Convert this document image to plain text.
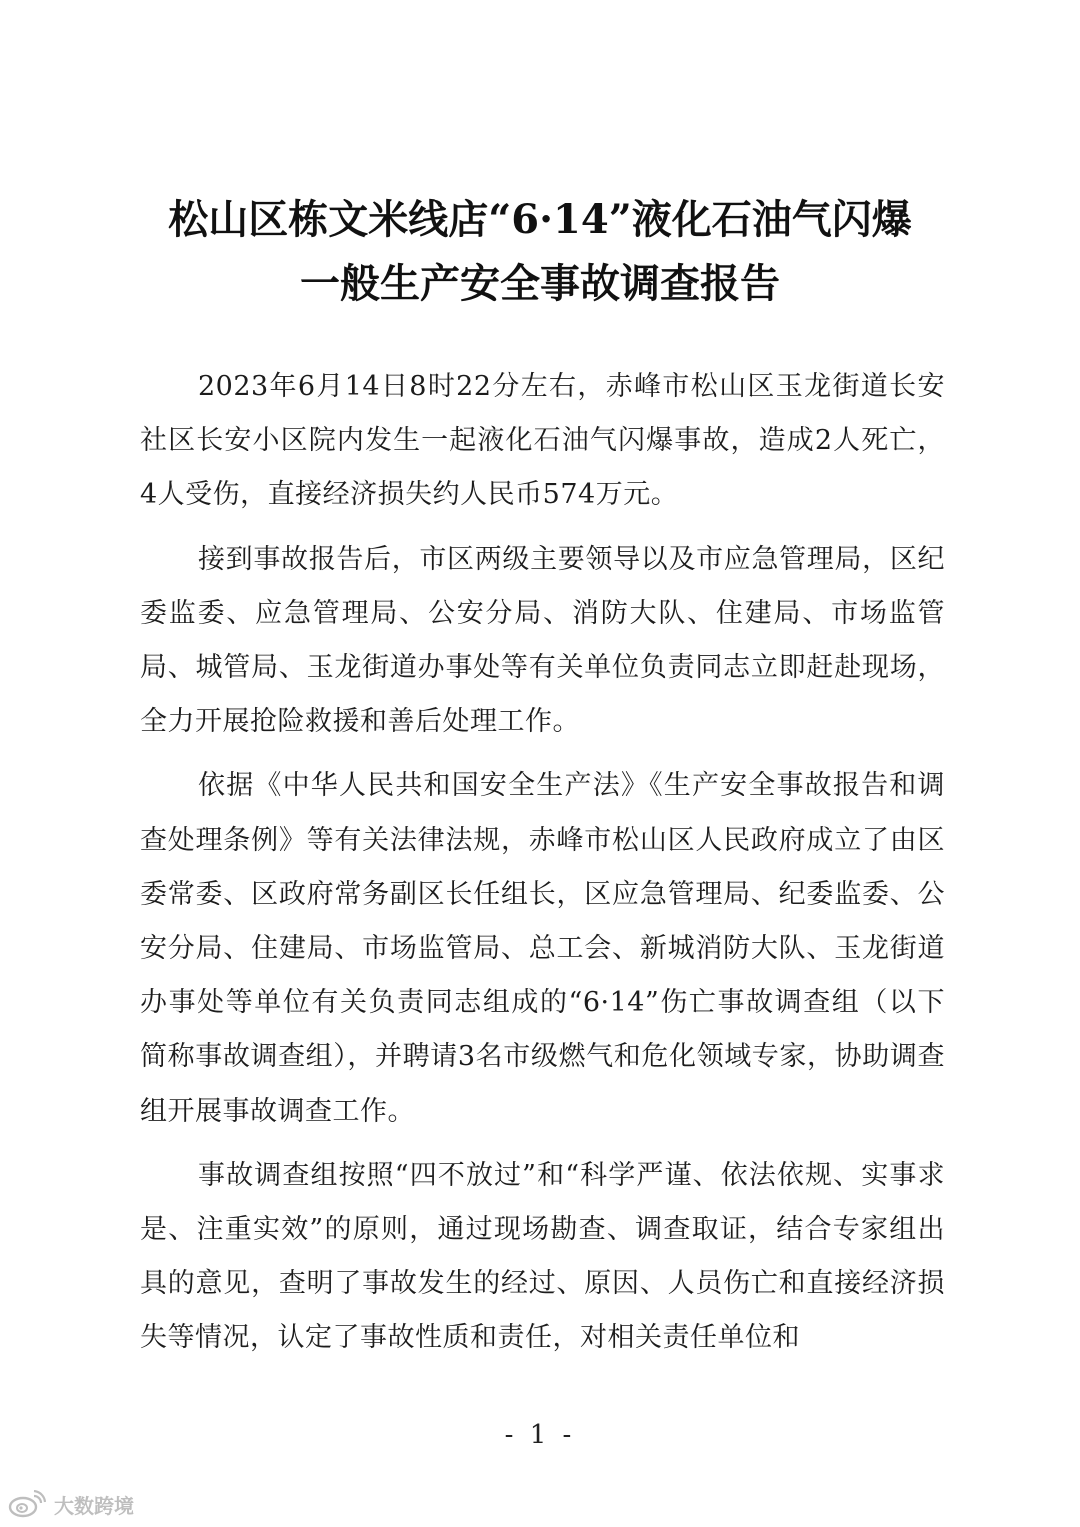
松山区栋文米线店“6·14”液化石油气闪爆
一般生产安全事故调查报告

2023年6月14日8时22分左右，赤峰市松山区玉龙街道长安社区长安小区院内发生一起液化石油气闪爆事故，造成2人死亡，4人受伤，直接经济损失约人民币574万元。

接到事故报告后，市区两级主要领导以及市应急管理局，区纪委监委、应急管理局、公安分局、消防大队、住建局、市场监管局、城管局、玉龙街道办事处等有关单位负责同志立即赶赴现场，全力开展抢险救援和善后处理工作。

依据《中华人民共和国安全生产法》《生产安全事故报告和调查处理条例》等有关法律法规，赤峰市松山区人民政府成立了由区委常委、区政府常务副区长任组长，区应急管理局、纪委监委、公安分局、住建局、市场监管局、总工会、新城消防大队、玉龙街道办事处等单位有关负责同志组成的“6·14”伤亡事故调查组（以下简称事故调查组），并聘请3名市级燃气和危化领域专家，协助调查组开展事故调查工作。

事故调查组按照“四不放过”和“科学严谨、依法依规、实事求是、注重实效”的原则，通过现场勘查、调查取证，结合专家组出具的意见，查明了事故发生的经过、原因、人员伤亡和直接经济损失等情况，认定了事故性质和责任，对相关责任单位和

- 1 -
大数跨境
